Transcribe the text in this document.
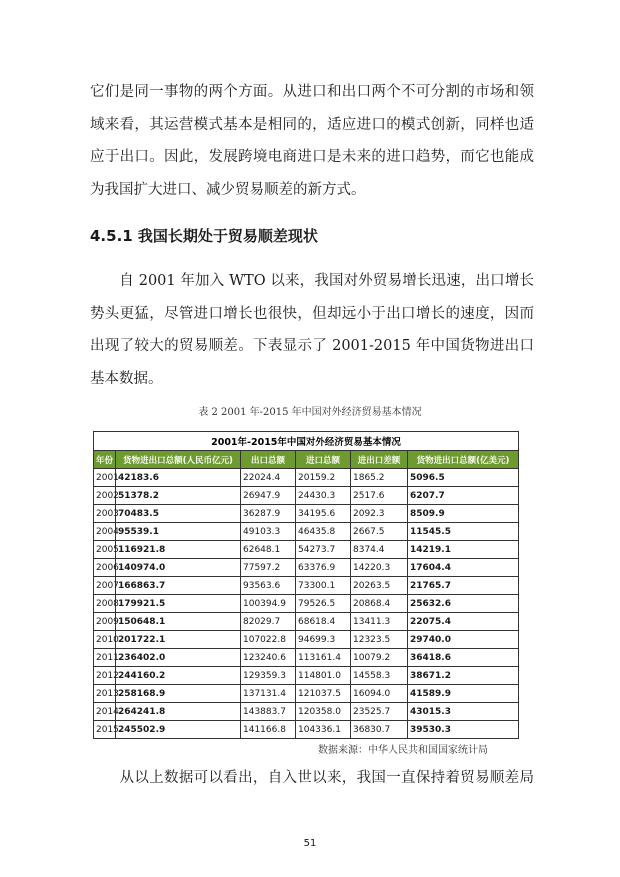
它们是同一事物的两个方面。从进口和出口两个不可分割的市场和领
域来看，其运营模式基本是相同的，适应进口的模式创新，同样也适
应于出口。因此，发展跨境电商进口是未来的进口趋势，而它也能成
为我国扩大进口、减少贸易顺差的新方式。
4.5.1 我国长期处于贸易顺差现状
　　自 2001 年加入 WTO 以来，我国对外贸易增长迅速，出口增长
势头更猛，尽管进口增长也很快，但却远小于出口增长的速度，因而
出现了较大的贸易顺差。下表显示了 2001-2015 年中国货物进出口
基本数据。
表 2 2001 年-2015 年中国对外经济贸易基本情况
2001年-2015年中国对外经济贸易基本情况					
年份	货物进出口总额(人民币亿元)	出口总额	进口总额	进出口差额	货物进出口总额(亿美元)
2001	42183.6	22024.4	20159.2	1865.2	5096.5
2002	51378.2	26947.9	24430.3	2517.6	6207.7
2003	70483.5	36287.9	34195.6	2092.3	8509.9
2004	95539.1	49103.3	46435.8	2667.5	11545.5
2005	116921.8	62648.1	54273.7	8374.4	14219.1
2006	140974.0	77597.2	63376.9	14220.3	17604.4
2007	166863.7	93563.6	73300.1	20263.5	21765.7
2008	179921.5	100394.9	79526.5	20868.4	25632.6
2009	150648.1	82029.7	68618.4	13411.3	22075.4
2010	201722.1	107022.8	94699.3	12323.5	29740.0
2011	236402.0	123240.6	113161.4	10079.2	36418.6
2012	244160.2	129359.3	114801.0	14558.3	38671.2
2013	258168.9	137131.4	121037.5	16094.0	41589.9
2014	264241.8	143883.7	120358.0	23525.7	43015.3
2015	245502.9	141166.8	104336.1	36830.7	39530.3
数据来源：中华人民共和国国家统计局
　　从以上数据可以看出，自入世以来，我国一直保持着贸易顺差局
51
